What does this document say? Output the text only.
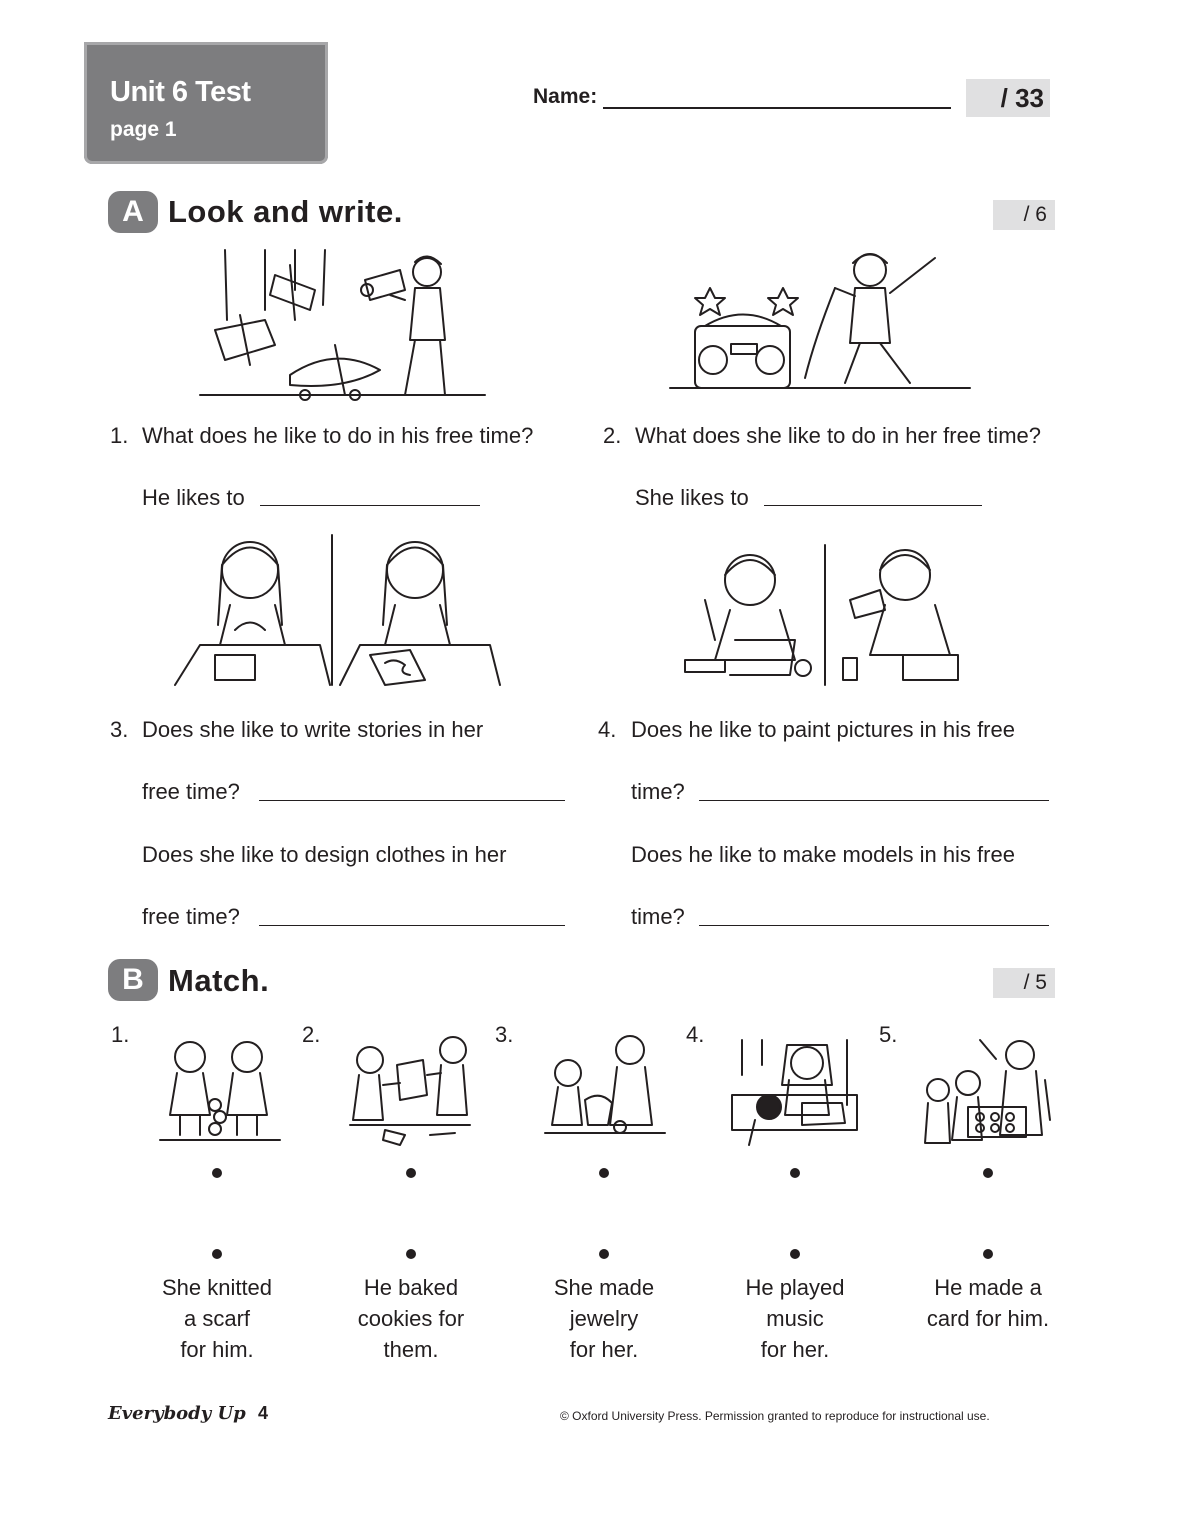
Unit 6 Test
page 1
Name:	/ 33
A Look and write.	/ 6
1. What does he like to do in his free time?
He likes to
2. What does she like to do in her free time?
She likes to
3. Does she like to write stories in her
free time?
Does she like to design clothes in her
free time?
4. Does he like to paint pictures in his free
time?
Does he like to make models in his free
time?
B Match.	/ 5
1.	2.	3.	4.	5.
She knitted
a scarf
for him.
He baked
cookies for
them.
She made
jewelry
for her.
He played
music
for her.
He made a
card for him.
Everybody Up 4	© Oxford University Press. Permission granted to reproduce for instructional use.
